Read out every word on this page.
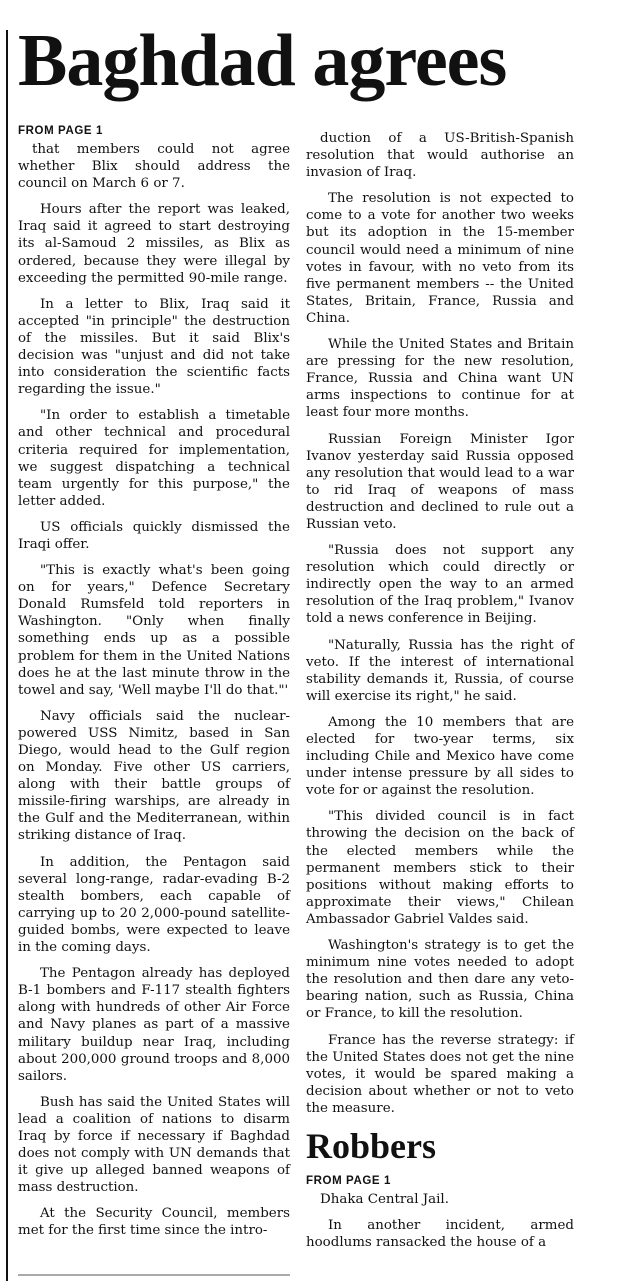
Baghdad agrees
FROM PAGE 1

that members could not agree whether Blix should address the council on March 6 or 7.

Hours after the report was leaked, Iraq said it agreed to start destroying its al-Samoud 2 missiles, as Blix as ordered, because they were illegal by exceeding the permitted 90-mile range.

In a letter to Blix, Iraq said it accepted "in principle" the destruction of the missiles. But it said Blix's decision was "unjust and did not take into consideration the scientific facts regarding the issue."

"In order to establish a timetable and other technical and procedural criteria required for implementation, we suggest dispatching a technical team urgently for this purpose," the letter added.

US officials quickly dismissed the Iraqi offer.

"This is exactly what's been going on for years," Defence Secretary Donald Rumsfeld told reporters in Washington. "Only when finally something ends up as a possible problem for them in the United Nations does he at the last minute throw in the towel and say, 'Well maybe I'll do that."'

Navy officials said the nuclear-powered USS Nimitz, based in San Diego, would head to the Gulf region on Monday. Five other US carriers, along with their battle groups of missile-firing warships, are already in the Gulf and the Mediterranean, within striking distance of Iraq.

In addition, the Pentagon said several long-range, radar-evading B-2 stealth bombers, each capable of carrying up to 20 2,000-pound satellite-guided bombs, were expected to leave in the coming days.

The Pentagon already has deployed B-1 bombers and F-117 stealth fighters along with hundreds of other Air Force and Navy planes as part of a massive military buildup near Iraq, including about 200,000 ground troops and 8,000 sailors.

Bush has said the United States will lead a coalition of nations to disarm Iraq by force if necessary if Baghdad does not comply with UN demands that it give up alleged banned weapons of mass destruction.

At the Security Council, members met for the first time since the intro-

duction of a US-British-Spanish resolution that would authorise an invasion of Iraq.

The resolution is not expected to come to a vote for another two weeks but its adoption in the 15-member council would need a minimum of nine votes in favour, with no veto from its five permanent members -- the United States, Britain, France, Russia and China.

While the United States and Britain are pressing for the new resolution, France, Russia and China want UN arms inspections to continue for at least four more months.

Russian Foreign Minister Igor Ivanov yesterday said Russia opposed any resolution that would lead to a war to rid Iraq of weapons of mass destruction and declined to rule out a Russian veto.

"Russia does not support any resolution which could directly or indirectly open the way to an armed resolution of the Iraq problem," Ivanov told a news conference in Beijing.

"Naturally, Russia has the right of veto. If the interest of international stability demands it, Russia, of course will exercise its right," he said.

Among the 10 members that are elected for two-year terms, six including Chile and Mexico have come under intense pressure by all sides to vote for or against the resolution.

"This divided council is in fact throwing the decision on the back of the elected members while the permanent members stick to their positions without making efforts to approximate their views," Chilean Ambassador Gabriel Valdes said.

Washington's strategy is to get the minimum nine votes needed to adopt the resolution and then dare any veto-bearing nation, such as Russia, China or France, to kill the resolution.

France has the reverse strategy: if the United States does not get the nine votes, it would be spared making a decision about whether or not to veto the measure.

Robbers
FROM PAGE 1

Dhaka Central Jail.

In another incident, armed hoodlums ransacked the house of a
